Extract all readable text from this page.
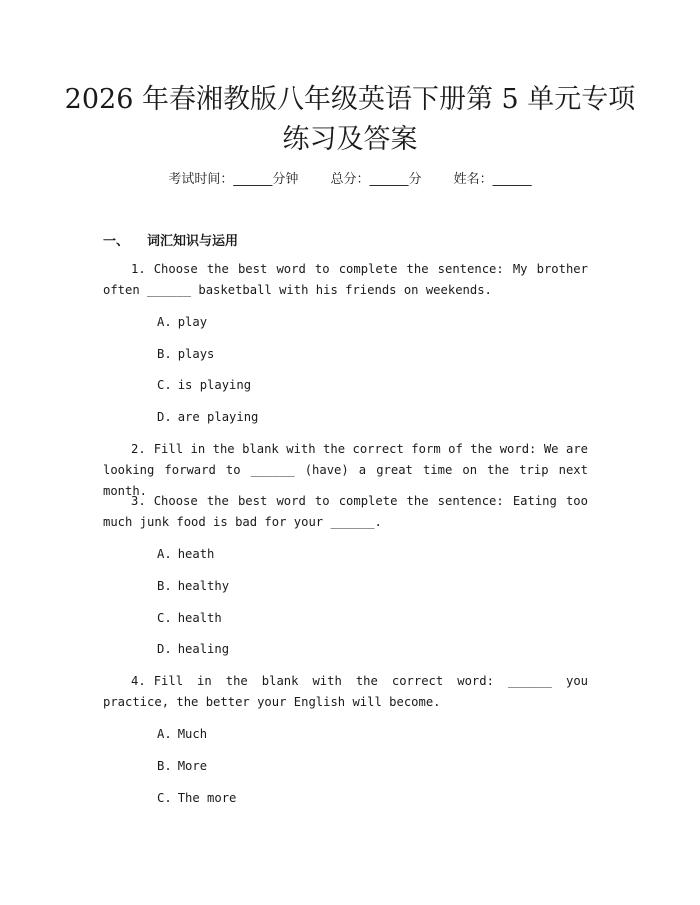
2026 年春湘教版八年级英语下册第 5 单元专项练习及答案
考试时间：______分钟 总分：______分 姓名：______
一、 词汇知识与运用

1. Choose the best word to complete the sentence: My brother often ______ basketball with his friends on weekends.

A. play
B. plays
C. is playing
D. are playing

2. Fill in the blank with the correct form of the word: We are looking forward to ______ (have) a great time on the trip next month.

3. Choose the best word to complete the sentence: Eating too much junk food is bad for your ______.

A. heath
B. healthy
C. health
D. healing

4. Fill in the blank with the correct word: ______ you practice, the better your English will become.

A. Much
B. More
C. The more
